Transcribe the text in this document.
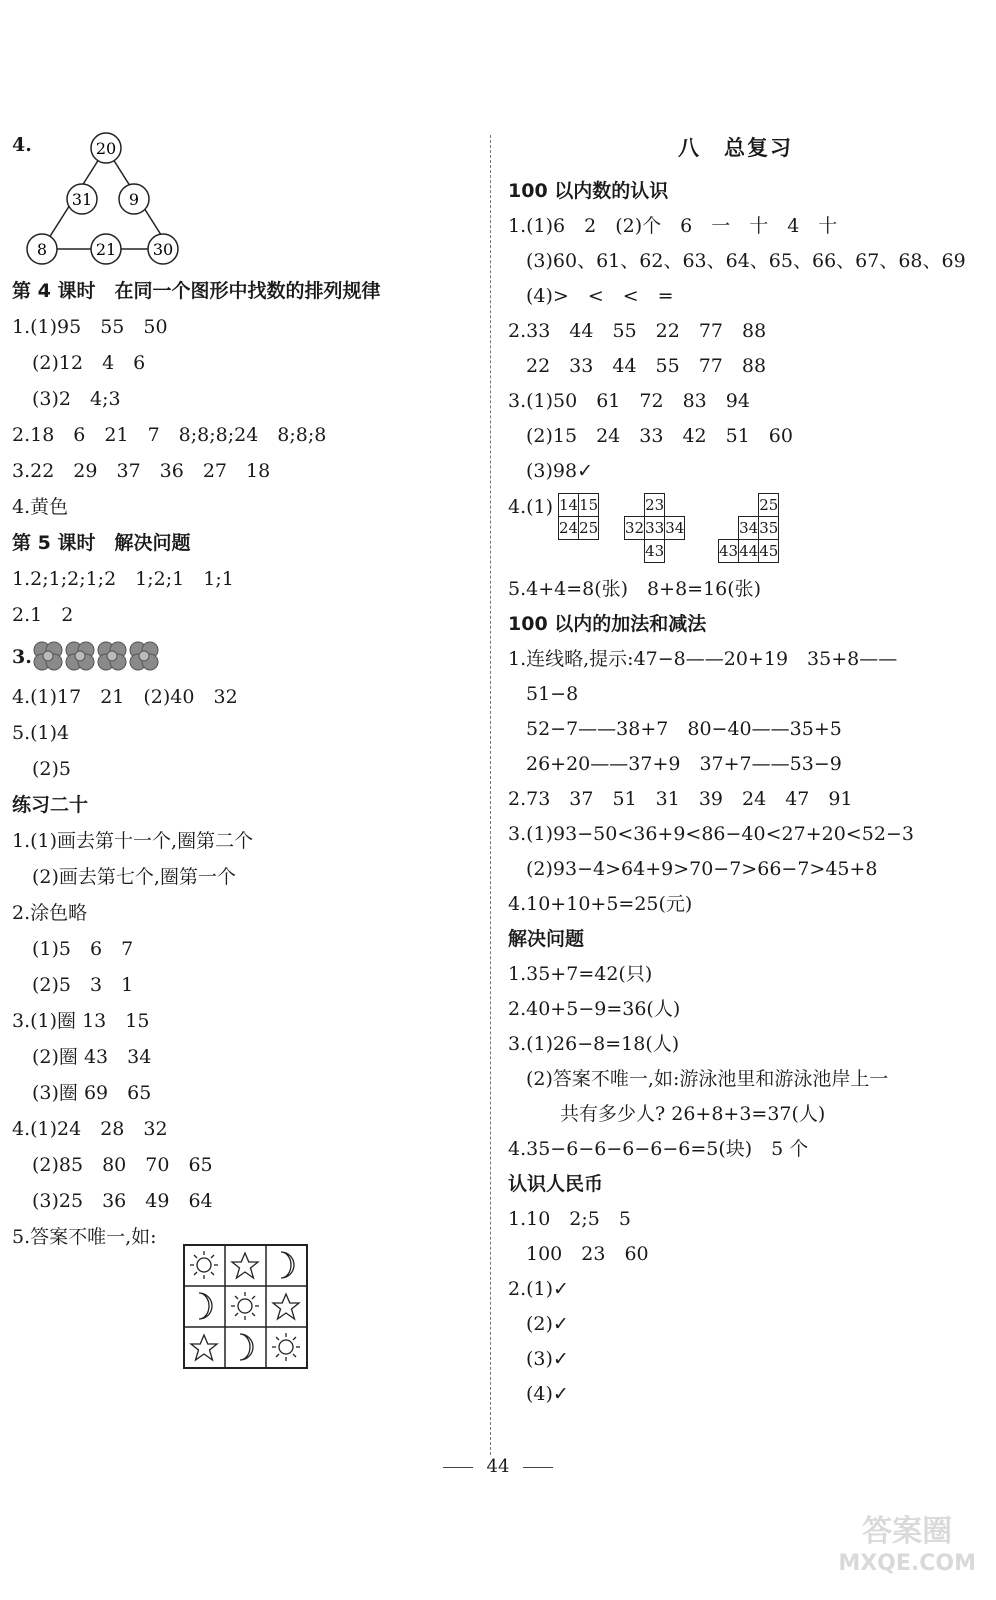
4.	20
31 9
8	21 30
第 4 课时　在同一个图形中找数的排列规律
1.(1)95　55　50
(2)12　4　6
(3)2　4;3
2.18　6　21　7　8;8;8;24　8;8;8
3.22　29　37　36　27　18
4.黄色
第 5 课时　解决问题
1.2;1;2;1;2　1;2;1　1;1
2.1　2
3.
4.(1)17　21　(2)40　32
5.(1)4
(2)5
练习二十
1.(1)画去第十一个,圈第二个
(2)画去第七个,圈第一个
2.涂色略
(1)5　6　7
(2)5　3　1
3.(1)圈 13　15
(2)圈 43　34
(3)圈 69　65
4.(1)24　28　32
(2)85　80　70　65
(3)25　36　49　64
5.答案不唯一,如:
八　总复习
100 以内数的认识
1.(1)6　2　(2)个　6　一　十　4　十
(3)60、61、62、63、64、65、66、67、68、69
(4)>　<　<　=
2.33　44　55　22　77　88
22　33　44　55　77　88
3.(1)50　61　72　83　94
(2)15　24　33　42　51　60
(3)98✓
4.(1) 14	15
24	25
	23	
32	33	34
	43	
		25
	34	35
43	44	45
5.4+4=8(张)　8+8=16(张)
100 以内的加法和减法
1.连线略,提示:47−8——20+19　35+8——
51−8
52−7——38+7　80−40——35+5
26+20——37+9　37+7——53−9
2.73　37　51　31　39　24　47　91
3.(1)93−50<36+9<86−40<27+20<52−3
(2)93−4>64+9>70−7>66−7>45+8
4.10+10+5=25(元)
解决问题
1.35+7=42(只)
2.40+5−9=36(人)
3.(1)26−8=18(人)
(2)答案不唯一,如:游泳池里和游泳池岸上一
共有多少人? 26+8+3=37(人)
4.35−6−6−6−6−6=5(块)　5 个
认识人民币
1.10　2;5　5
100　23　60
2.(1)✓
(2)✓
(3)✓
(4)✓
44
答案圈
MXQE.COM
